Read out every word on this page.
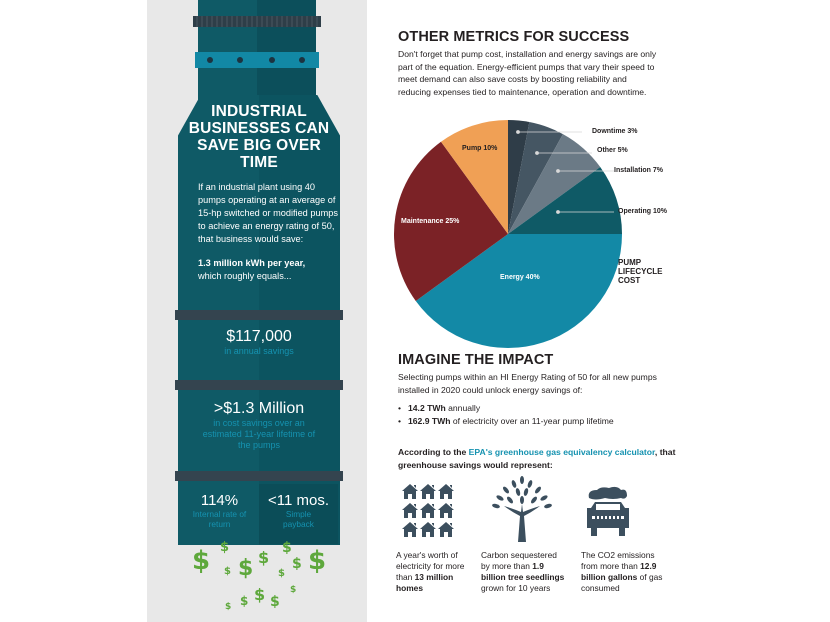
INDUSTRIAL BUSINESSES CAN SAVE BIG OVER TIME

If an industrial plant using 40 pumps operating at an average of 15-hp switched or modified pumps to achieve an energy rating of 50, that business would save:

1.3 million kWh per year,
which roughly equals...

$117,000
in annual savings
>$1.3 Million
in cost savings over an estimated 11-year lifetime of the pumps
114%
Internal rate of return
<11 mos.
Simple payback
$ $
$
$
$ $
$
$ $
$ $ $
$
$
OTHER METRICS FOR SUCCESS
Don't forget that pump cost, installation and energy savings are only part of the equation. Energy-efficient pumps that vary their speed to meet demand can also save costs by boosting reliability and reducing expenses tied to maintenance, operation and downtime.
Downtime 3%
Other 5%
Installation 7%
Operating 10%
Energy 40%
Maintenance 25%
Pump 10%
PUMP LIFECYCLE COST
IMAGINE THE IMPACT
Selecting pumps within an HI Energy Rating of 50 for all new pumps installed in 2020 could unlock energy savings of:
• 14.2 TWh annually
• 162.9 TWh of electricity over an 11-year pump lifetime
According to the EPA's greenhouse gas equivalency calculator, that greenhouse savings would represent:
A year's worth of electricity for more than 13 million homes
Carbon sequestered by more than 1.9 billion tree seedlings grown for 10 years
The CO2 emissions from more than 12.9 billion gallons of gas consumed
